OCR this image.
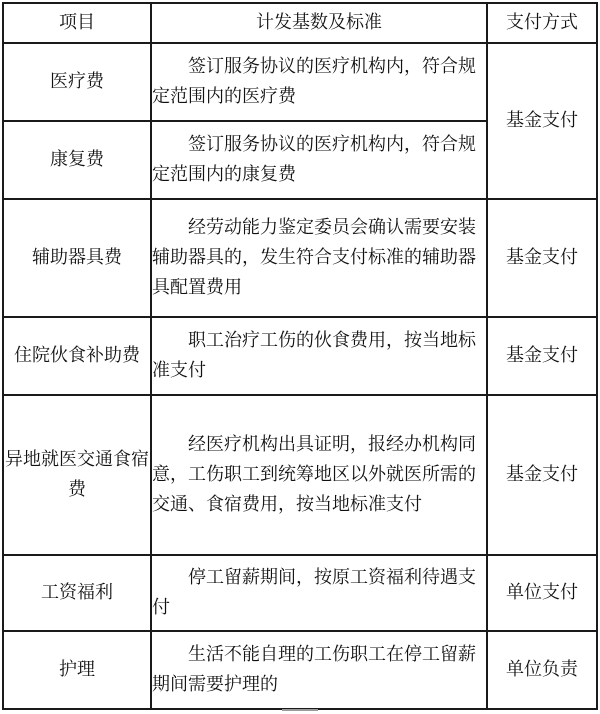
项目	计发基数及标准	支付方式
医疗费	签订服务协议的医疗机构内，符合规定范围内的医疗费	基金支付
康复费	签订服务协议的医疗机构内，符合规定范围内的康复费	

辅助器具费	经劳动能力鉴定委员会确认需要安装辅助器具的，发生符合支付标准的辅助器具配置费用	基金支付
住院伙食补助费	职工治疗工伤的伙食费用，按当地标准支付	基金支付
异地就医交通食宿费	经医疗机构出具证明，报经办机构同意，工伤职工到统筹地区以外就医所需的交通、食宿费用，按当地标准支付	基金支付
工资福利	停工留薪期间，按原工资福利待遇支付	单位支付
护理	生活不能自理的工伤职工在停工留薪期间需要护理的	单位负责
